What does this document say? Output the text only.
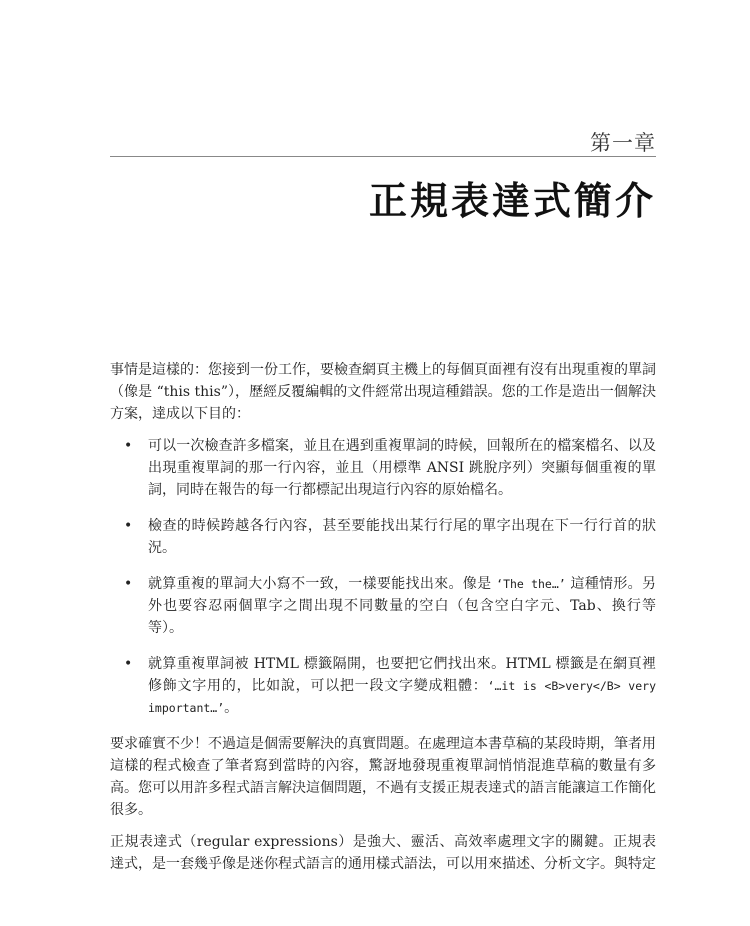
第一章
正規表達式簡介

事情是這樣的：您接到一份工作，要檢查網頁主機上的每個頁面裡有沒有出現重複的單詞（像是 “this this”），歷經反覆編輯的文件經常出現這種錯誤。您的工作是造出一個解決方案，達成以下目的：

• 可以一次檢查許多檔案，並且在遇到重複單詞的時候，回報所在的檔案檔名、以及出現重複單詞的那一行內容，並且（用標準 ANSI 跳脫序列）突顯每個重複的單詞，同時在報告的每一行都標記出現這行內容的原始檔名。
• 檢查的時候跨越各行內容，甚至要能找出某行行尾的單字出現在下一行行首的狀況。
• 就算重複的單詞大小寫不一致，一樣要能找出來。像是 ‘The the…’ 這種情形。另外也要容忍兩個單字之間出現不同數量的空白（包含空白字元、Tab、換行等等）。
• 就算重複單詞被 HTML 標籤隔開，也要把它們找出來。HTML 標籤是在網頁裡修飾文字用的，比如說，可以把一段文字變成粗體：‘…it is <B>very</B> very important…’。

要求確實不少！不過這是個需要解決的真實問題。在處理這本書草稿的某段時期，筆者用這樣的程式檢查了筆者寫到當時的內容，驚訝地發現重複單詞悄悄混進草稿的數量有多高。您可以用許多程式語言解決這個問題，不過有支援正規表達式的語言能讓這工作簡化很多。

正規表達式（regular expressions）是強大、靈活、高效率處理文字的關鍵。正規表達式，是一套幾乎像是迷你程式語言的通用樣式語法，可以用來描述、分析文字。與特定
